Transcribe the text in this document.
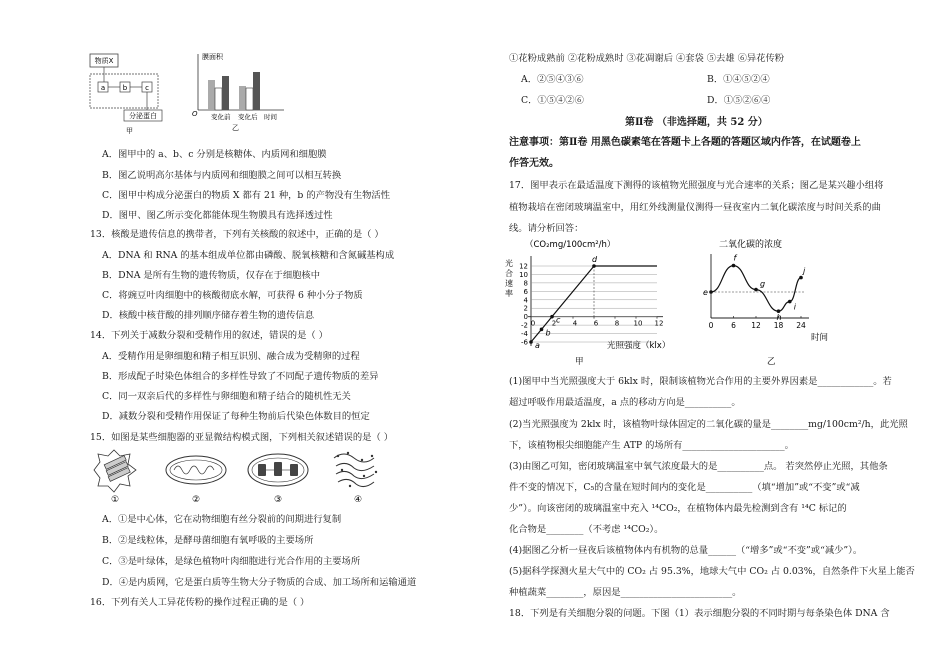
物质X
a	b	c
分泌蛋白
甲
膜面积
O 变化前 变化后 时间
乙
A．图甲中的 a、b、c 分别是核糖体、内质网和细胞膜
B．图乙说明高尔基体与内质网和细胞膜之间可以相互转换
C．图甲中构成分泌蛋白的物质 X 都有 21 种，b 的产物没有生物活性
D．图甲、图乙所示变化都能体现生物膜具有选择透过性
13．核酸是遗传信息的携带者，下列有关核酸的叙述中，正确的是（ ）
A．DNA 和 RNA 的基本组成单位都由磷酸、脱氧核糖和含氮碱基构成
B．DNA 是所有生物的遗传物质，仅存在于细胞核中
C．将豌豆叶肉细胞中的核酸彻底水解，可获得 6 种小分子物质
D．核酸中核苷酸的排列顺序储存着生物的遗传信息
14．下列关于减数分裂和受精作用的叙述，错误的是（ ）
A．受精作用是卵细胞和精子相互识别、融合成为受精卵的过程
B．形成配子时染色体组合的多样性导致了不同配子遗传物质的差异
C．同一双亲后代的多样性与卵细胞和精子结合的随机性无关
D．减数分裂和受精作用保证了每种生物前后代染色体数目的恒定
15．如图是某些细胞器的亚显微结构模式图，下列相关叙述错误的是（ ）
①	②	③	④
A．①是中心体，它在动物细胞有丝分裂前的间期进行复制
B．②是线粒体，是酵母菌细胞有氧呼吸的主要场所
C．③是叶绿体，是绿色植物叶肉细胞进行光合作用的主要场所
D．④是内质网，它是蛋白质等生物大分子物质的合成、加工场所和运输通道
16．下列有关人工异花传粉的操作过程正确的是（ ）
①花粉成熟前 ②花粉成熟时 ③花凋谢后 ④套袋 ⑤去雄 ⑥异花传粉
A．②⑤④③⑥	B．①④⑤②④
C．①⑤④②⑥	D．①⑤②⑥④
第Ⅱ卷 （非选择题，共 52 分）
注意事项：第Ⅱ卷 用黑色碳素笔在答题卡上各题的答题区域内作答，在试题卷上
作答无效。
17．图甲表示在最适温度下测得的该植物光照强度与光合速率的关系；图乙是某兴趣小组将
植物栽培在密闭玻璃温室中，用红外线测量仪测得一昼夜室内二氧化碳浓度与时间关系的曲
线。请分析回答：
（CO₂mg/100cm²/h）
光
合
速
率
光照强度（klx）
甲
12
10
8
6
4
2
0
-2
-4
-6
0 2 4 6 8 10 12
a
b
c
d
二氧化碳的浓度
时间
乙
0 6 12 18 24
e
f
g
h
i
j
(1)图甲中当光照强度大于 6klx 时，限制该植物光合作用的主要外界因素是____________。若
超过呼吸作用最适温度，a 点的移动方向是__________。
(2)当光照强度为 2klx 时，该植物叶绿体固定的二氧化碳的量是________mg/100cm²/h，此光照
下，该植物根尖细胞能产生 ATP 的场所有______________________。
(3)由图乙可知，密闭玻璃温室中氧气浓度最大的是__________点。 若突然停止光照，其他条
件不变的情况下，C₅的含量在短时间内的变化是__________（填“增加”或“不变”或“减
少”）。向该密闭的玻璃温室中充入 ¹⁴CO₂，在植物体内最先检测到含有 ¹⁴C 标记的
化合物是________（不考虑 ¹⁴CO₂）。
(4)据图乙分析一昼夜后该植物体内有机物的总量______（“增多”或“不变”或“减少”）。
(5)据科学探测火星大气中的 CO₂ 占 95.3%，地球大气中 CO₂ 占 0.03%，自然条件下火星上能否
种植蔬菜________，原因是________________________。
18．下列是有关细胞分裂的问题。下图（1）表示细胞分裂的不同时期与每条染色体 DNA 含
